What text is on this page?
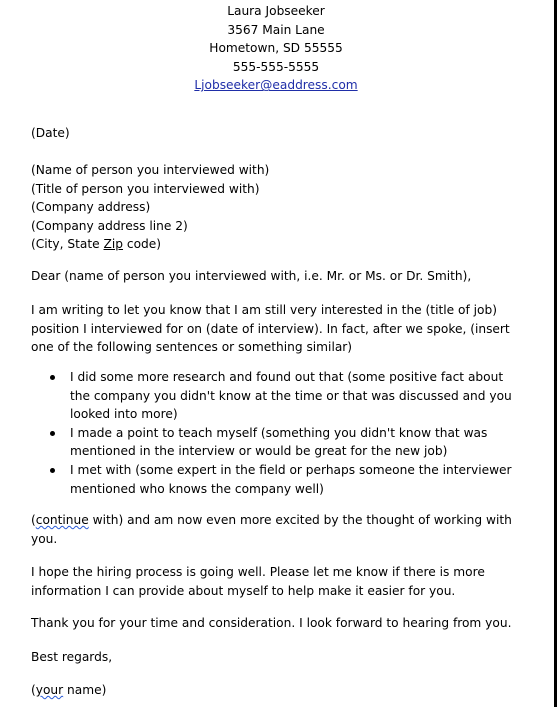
Laura Jobseeker
3567 Main Lane
Hometown, SD 55555
555-555-5555
Ljobseeker@eaddress.com

(Date)

(Name of person you interviewed with)
(Title of person you interviewed with)
(Company address)
(Company address line 2)
(City, State Zip code)

Dear (name of person you interviewed with, i.e. Mr. or Ms. or Dr. Smith),

I am writing to let you know that I am still very interested in the (title of job)
position I interviewed for on (date of interview). In fact, after we spoke, (insert
one of the following sentences or something similar)
I did some more research and found out that (some positive fact about
the company you didn't know at the time or that was discussed and you
looked into more)
I made a point to teach myself (something you didn't know that was
mentioned in the interview or would be great for the new job)
I met with (some expert in the field or perhaps someone the interviewer
mentioned who knows the company well)
(continue with) and am now even more excited by the thought of working with
you.
I hope the hiring process is going well. Please let me know if there is more
information I can provide about myself to help make it easier for you.

Thank you for your time and consideration. I look forward to hearing from you.

Best regards,

(your name)
